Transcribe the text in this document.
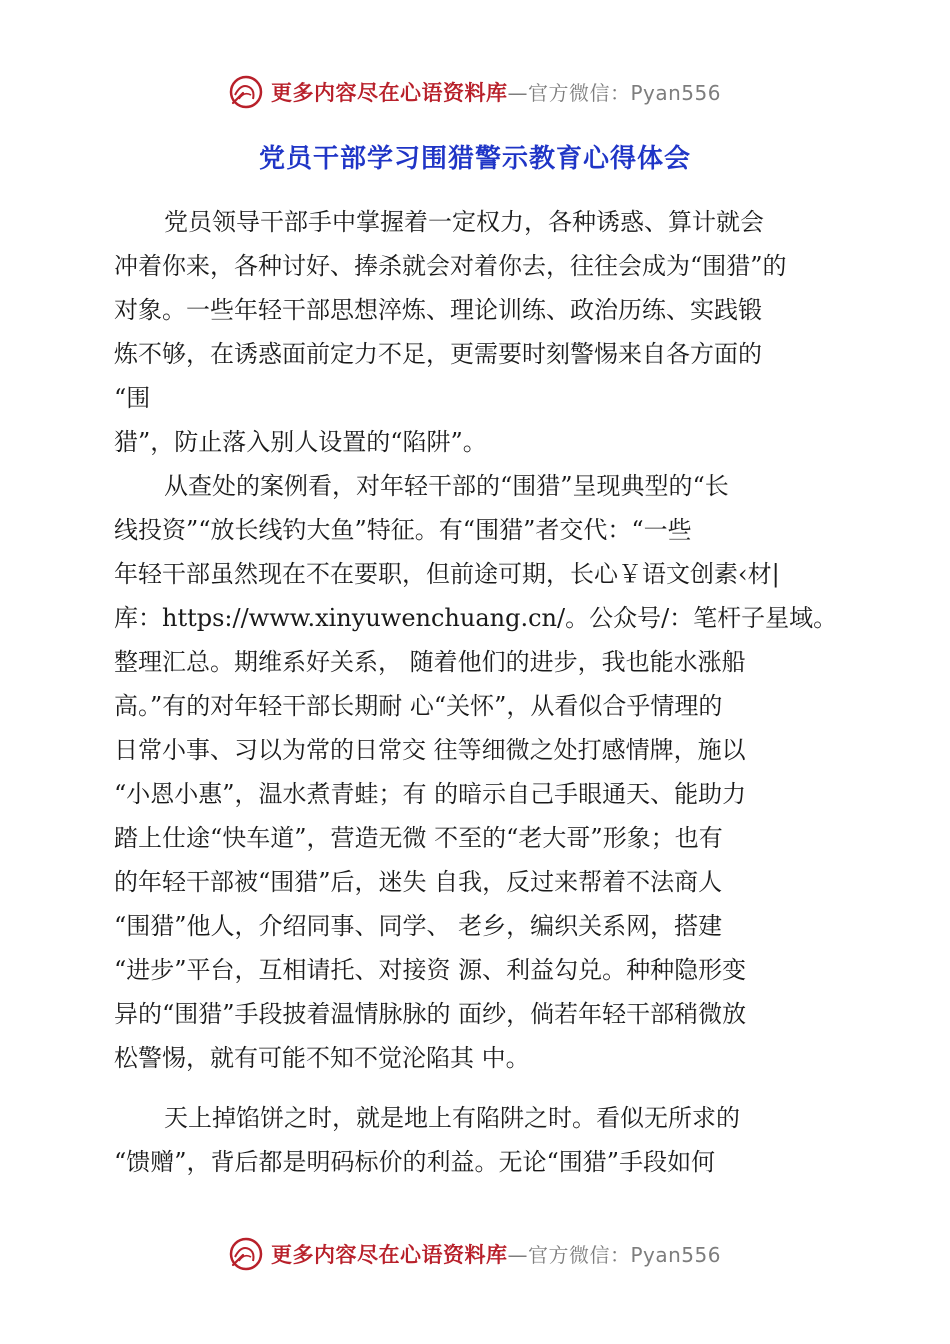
更多内容尽在心语资料库 —官方微信：Pyan556
党员干部学习围猎警示教育心得体会
党员领导干部手中掌握着一定权力，各种诱惑、算计就会
冲着你来，各种讨好、捧杀就会对着你去，往往会成为“围猎”的
对象。一些年轻干部思想淬炼、理论训练、政治历练、实践锻
炼不够，在诱惑面前定力不足，更需要时刻警惕来自各方面的
“围
猎”，防止落入别人设置的“陷阱”。
从查处的案例看，对年轻干部的“围猎”呈现典型的“长
线投资”“放长线钓大鱼”特征。有“围猎”者交代：“一些
年轻干部虽然现在不在要职，但前途可期，长心￥语文创素‹材|
库：https://www.xinyuwenchuang.cn/。公众号/：笔杆子星域。
整理汇总。期维系好关系， 随着他们的进步，我也能水涨船
高。”有的对年轻干部长期耐 心“关怀”，从看似合乎情理的
日常小事、习以为常的日常交 往等细微之处打感情牌，施以
“小恩小惠”，温水煮青蛙；有 的暗示自己手眼通天、能助力
踏上仕途“快车道”，营造无微 不至的“老大哥”形象；也有
的年轻干部被“围猎”后，迷失 自我，反过来帮着不法商人
“围猎”他人，介绍同事、同学、 老乡，编织关系网，搭建
“进步”平台，互相请托、对接资 源、利益勾兑。种种隐形变
异的“围猎”手段披着温情脉脉的 面纱，倘若年轻干部稍微放
松警惕，就有可能不知不觉沦陷其 中。
天上掉馅饼之时，就是地上有陷阱之时。看似无所求的
“馈赠”，背后都是明码标价的利益。无论“围猎”手段如何
更多内容尽在心语资料库 —官方微信：Pyan556
